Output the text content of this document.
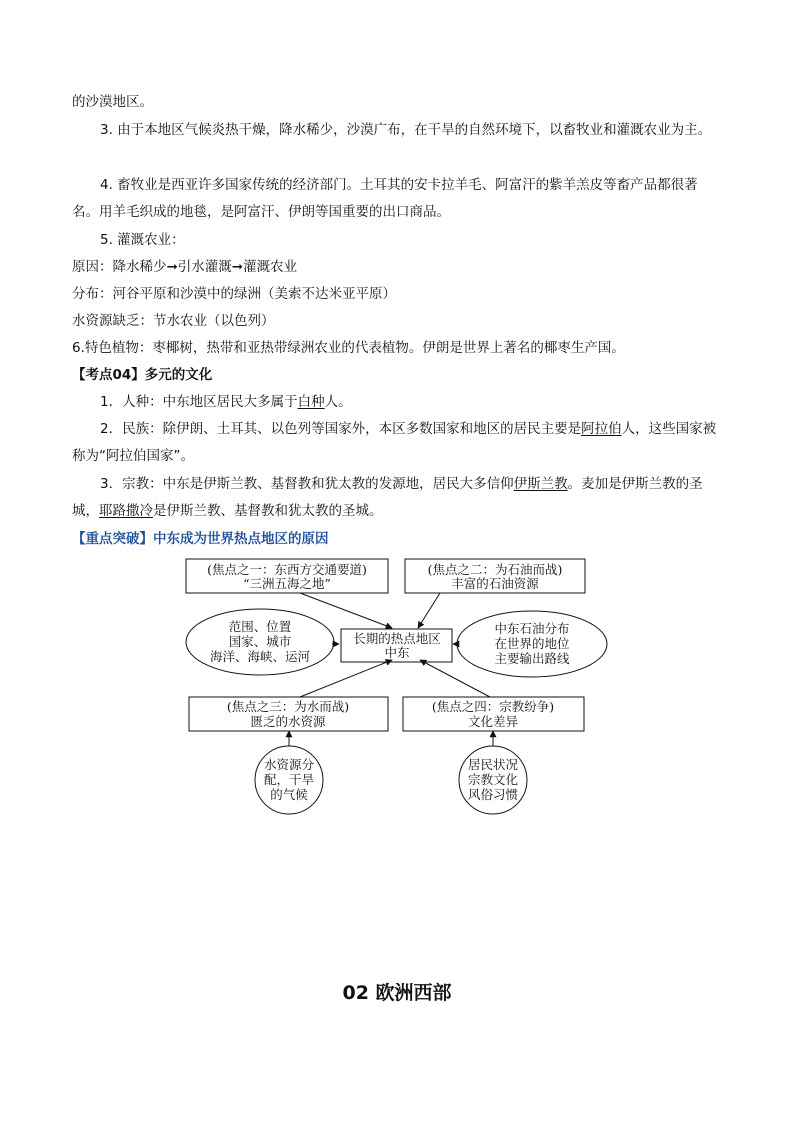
的沙漠地区。

3. 由于本地区气候炎热干燥，降水稀少，沙漠广布，在干旱的自然环境下，以畜牧业和灌溉农业为主。

4. 畜牧业是西亚许多国家传统的经济部门。土耳其的安卡拉羊毛、阿富汗的紫羊羔皮等畜产品都很著名。用羊毛织成的地毯，是阿富汗、伊朗等国重要的出口商品。

5. 灌溉农业：

原因：降水稀少➞引水灌溉➞灌溉农业

分布：河谷平原和沙漠中的绿洲（美索不达米亚平原）

水资源缺乏：节水农业（以色列）

6.特色植物：枣椰树，热带和亚热带绿洲农业的代表植物。伊朗是世界上著名的椰枣生产国。

【考点04】多元的文化

1．人种：中东地区居民大多属于白种人。

2．民族：除伊朗、土耳其、以色列等国家外，本区多数国家和地区的居民主要是阿拉伯人，这些国家被称为“阿拉伯国家”。

3．宗教：中东是伊斯兰教、基督教和犹太教的发源地，居民大多信仰伊斯兰教。麦加是伊斯兰教的圣城，耶路撒冷是伊斯兰教、基督教和犹太教的圣城。

【重点突破】中东成为世界热点地区的原因

(焦点之一：东西方交通要道)
“三洲五海之地”
(焦点之二：为石油而战)
丰富的石油资源
长期的热点地区
中东
(焦点之三：为水而战)
匮乏的水资源
(焦点之四：宗教纷争)
文化差异
范围、位置
国家、城市
海洋、海峡、运河
中东石油分布
在世界的地位
主要输出路线
水资源分
配，干旱
的气候
居民状况
宗教文化
风俗习惯
02 欧洲西部
